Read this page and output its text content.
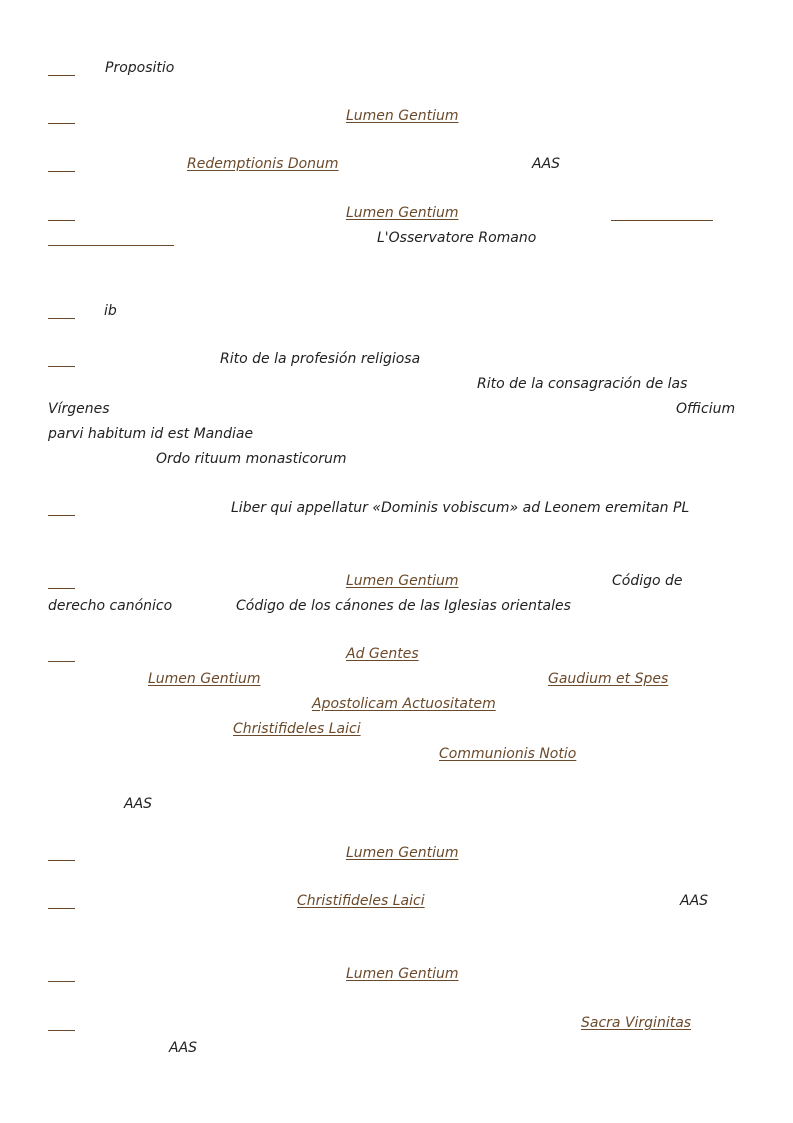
Propositio
Lumen Gentium
Redemptionis Donum	AAS
Lumen Gentium
L'Osservatore Romano
ib
Rito de la profesión religiosa
Rito de la consagración de las
Vírgenes	Officium
parvi habitum id est Mandiae
Ordo rituum monasticorum
Liber qui appellatur «Dominis vobiscum» ad Leonem eremitan PL
Lumen Gentium	Código de
derecho canónico	Código de los cánones de las Iglesias orientales
Ad Gentes
Lumen Gentium	Gaudium et Spes
Apostolicam Actuositatem
Christifideles Laici
Communionis Notio
AAS
Lumen Gentium
Christifideles Laici	AAS
Lumen Gentium
Sacra Virginitas
AAS
